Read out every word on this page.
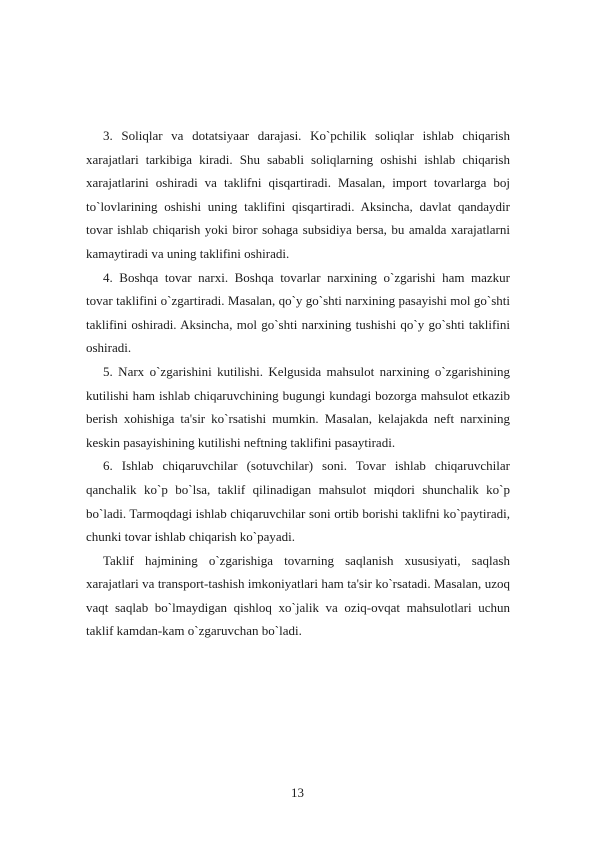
3. Soliqlar va dotatsiyaar darajasi. Ko`pchilik soliqlar ishlab chiqarish xarajatlari tarkibiga kiradi. Shu sababli soliqlarning oshishi ishlab chiqarish xarajatlarini oshiradi va taklifni qisqartiradi. Masalan, import tovarlarga boj to`lovlarining oshishi uning taklifini qisqartiradi. Aksincha, davlat qandaydir tovar ishlab chiqarish yoki biror sohaga subsidiya bersa, bu amalda xarajatlarni kamaytiradi va uning taklifini oshiradi.

4. Boshqa tovar narxi. Boshqa tovarlar narxining o`zgarishi ham mazkur tovar taklifini o`zgartiradi. Masalan, qo`y go`shti narxining pasayishi mol go`shti taklifini oshiradi. Aksincha, mol go`shti narxining tushishi qo`y go`shti taklifini oshiradi.

5. Narx o`zgarishini kutilishi. Kelgusida mahsulot narxining o`zgarishining kutilishi ham ishlab chiqaruvchining bugungi kundagi bozorga mahsulot etkazib berish xohishiga ta'sir ko`rsatishi mumkin. Masalan, kelajakda neft narxining keskin pasayishining kutilishi neftning taklifini pasaytiradi.

6. Ishlab chiqaruvchilar (sotuvchilar) soni. Tovar ishlab chiqaruvchilar qanchalik ko`p bo`lsa, taklif qilinadigan mahsulot miqdori shunchalik ko`p bo`ladi. Tarmoqdagi ishlab chiqaruvchilar soni ortib borishi taklifni ko`paytiradi, chunki tovar ishlab chiqarish ko`payadi.

Taklif hajmining o`zgarishiga tovarning saqlanish xususiyati, saqlash xarajatlari va transport-tashish imkoniyatlari ham ta'sir ko`rsatadi. Masalan, uzoq vaqt saqlab bo`lmaydigan qishloq xo`jalik va oziq-ovqat mahsulotlari uchun taklif kamdan-kam o`zgaruvchan bo`ladi.

13
